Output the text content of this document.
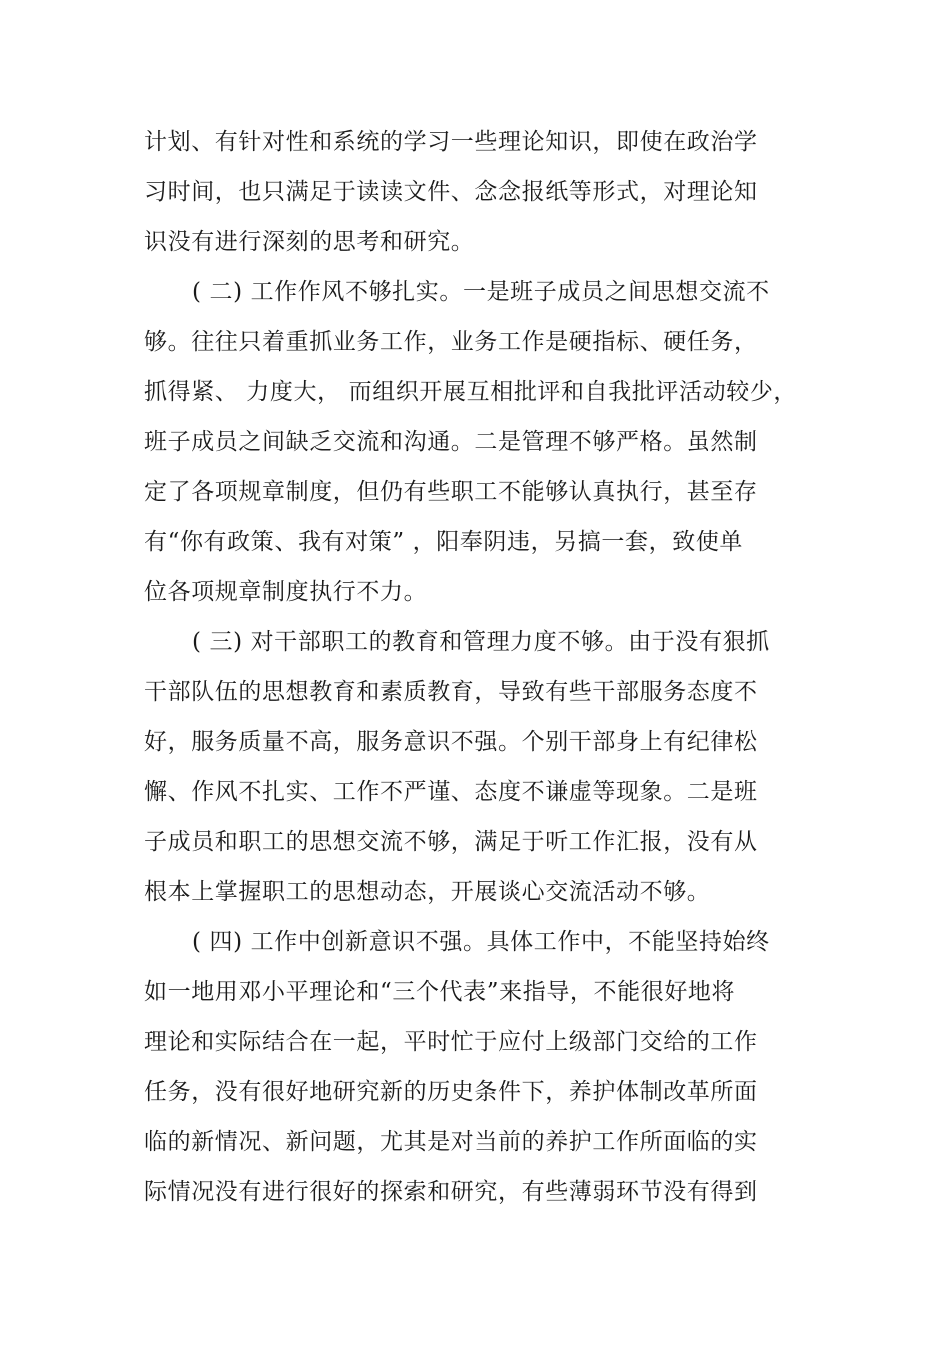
计划、有针对性和系统的学习一些理论知识，即使在政治学
习时间，也只满足于读读文件、念念报纸等形式，对理论知
识没有进行深刻的思考和研究。
( 二) 工作作风不够扎实。一是班子成员之间思想交流不
够。往往只着重抓业务工作，业务工作是硬指标、硬任务，
抓得紧、 力度大， 而组织开展互相批评和自我批评活动较少，
班子成员之间缺乏交流和沟通。二是管理不够严格。虽然制
定了各项规章制度，但仍有些职工不能够认真执行，甚至存
有“你有政策、我有对策” ，阳奉阴违，另搞一套，致使单
位各项规章制度执行不力。
( 三) 对干部职工的教育和管理力度不够。由于没有狠抓
干部队伍的思想教育和素质教育，导致有些干部服务态度不
好，服务质量不高，服务意识不强。个别干部身上有纪律松
懈、作风不扎实、工作不严谨、态度不谦虚等现象。二是班
子成员和职工的思想交流不够，满足于听工作汇报，没有从
根本上掌握职工的思想动态，开展谈心交流活动不够。
( 四) 工作中创新意识不强。具体工作中，不能坚持始终
如一地用邓小平理论和“三个代表”来指导，不能很好地将
理论和实际结合在一起，平时忙于应付上级部门交给的工作
任务，没有很好地研究新的历史条件下，养护体制改革所面
临的新情况、新问题，尤其是对当前的养护工作所面临的实
际情况没有进行很好的探索和研究，有些薄弱环节没有得到
